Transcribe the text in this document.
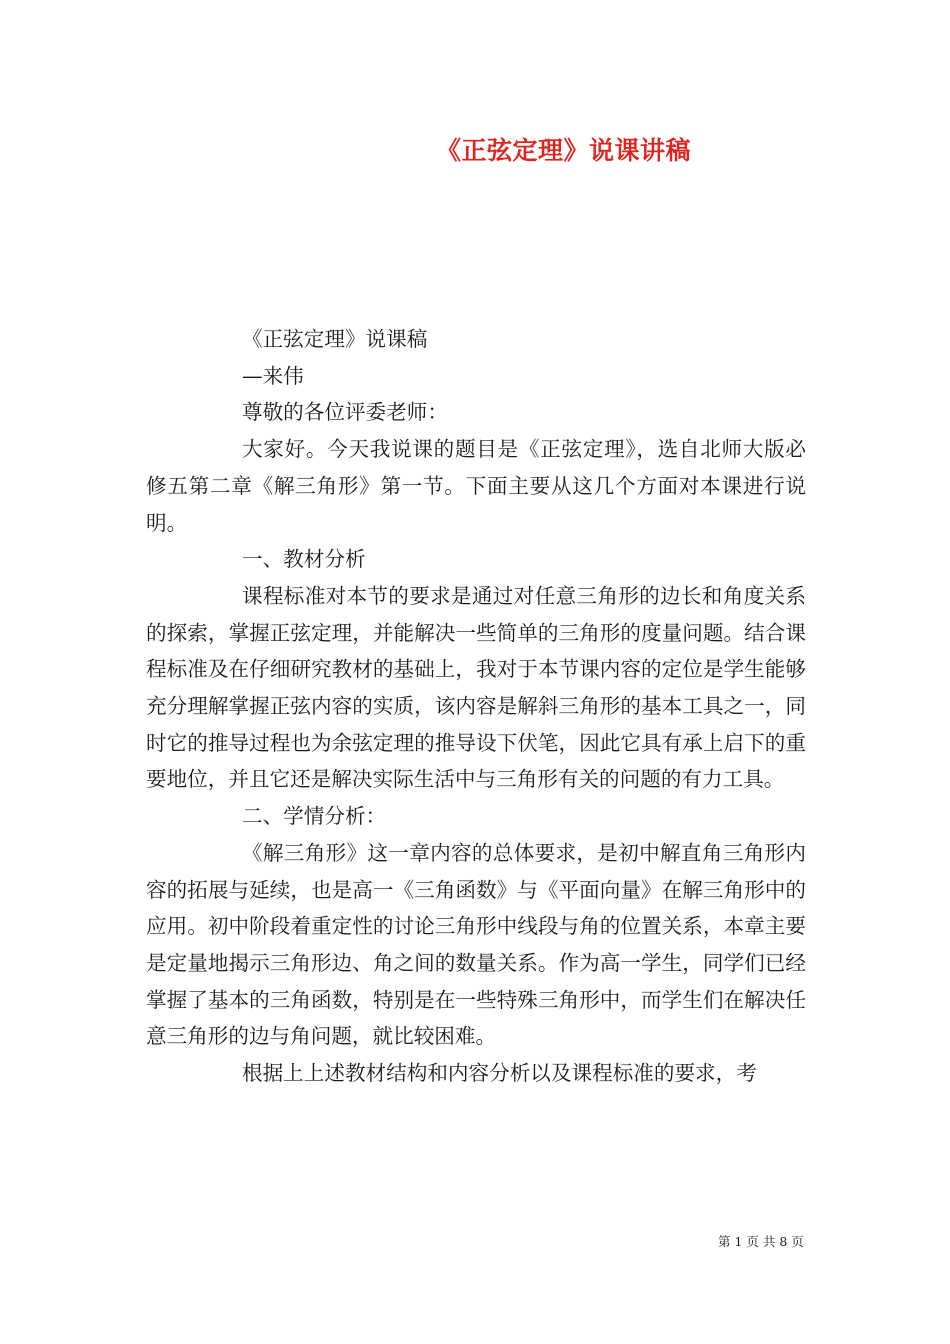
《正弦定理》说课讲稿

《正弦定理》说课稿

—来伟

尊敬的各位评委老师：

大家好。今天我说课的题目是《正弦定理》，选自北师大版必修五第二章《解三角形》第一节。下面主要从这几个方面对本课进行说明。

一、教材分析

课程标准对本节的要求是通过对任意三角形的边长和角度关系的探索，掌握正弦定理，并能解决一些简单的三角形的度量问题。结合课程标准及在仔细研究教材的基础上，我对于本节课内容的定位是学生能够充分理解掌握正弦内容的实质，该内容是解斜三角形的基本工具之一，同时它的推导过程也为余弦定理的推导设下伏笔，因此它具有承上启下的重要地位，并且它还是解决实际生活中与三角形有关的问题的有力工具。

二、学情分析：

《解三角形》这一章内容的总体要求，是初中解直角三角形内容的拓展与延续，也是高一《三角函数》与《平面向量》在解三角形中的应用。初中阶段着重定性的讨论三角形中线段与角的位置关系，本章主要是定量地揭示三角形边、角之间的数量关系。作为高一学生，同学们已经掌握了基本的三角函数，特别是在一些特殊三角形中，而学生们在解决任意三角形的边与角问题，就比较困难。

根据上上述教材结构和内容分析以及课程标准的要求，考

第 1 页 共 8 页
